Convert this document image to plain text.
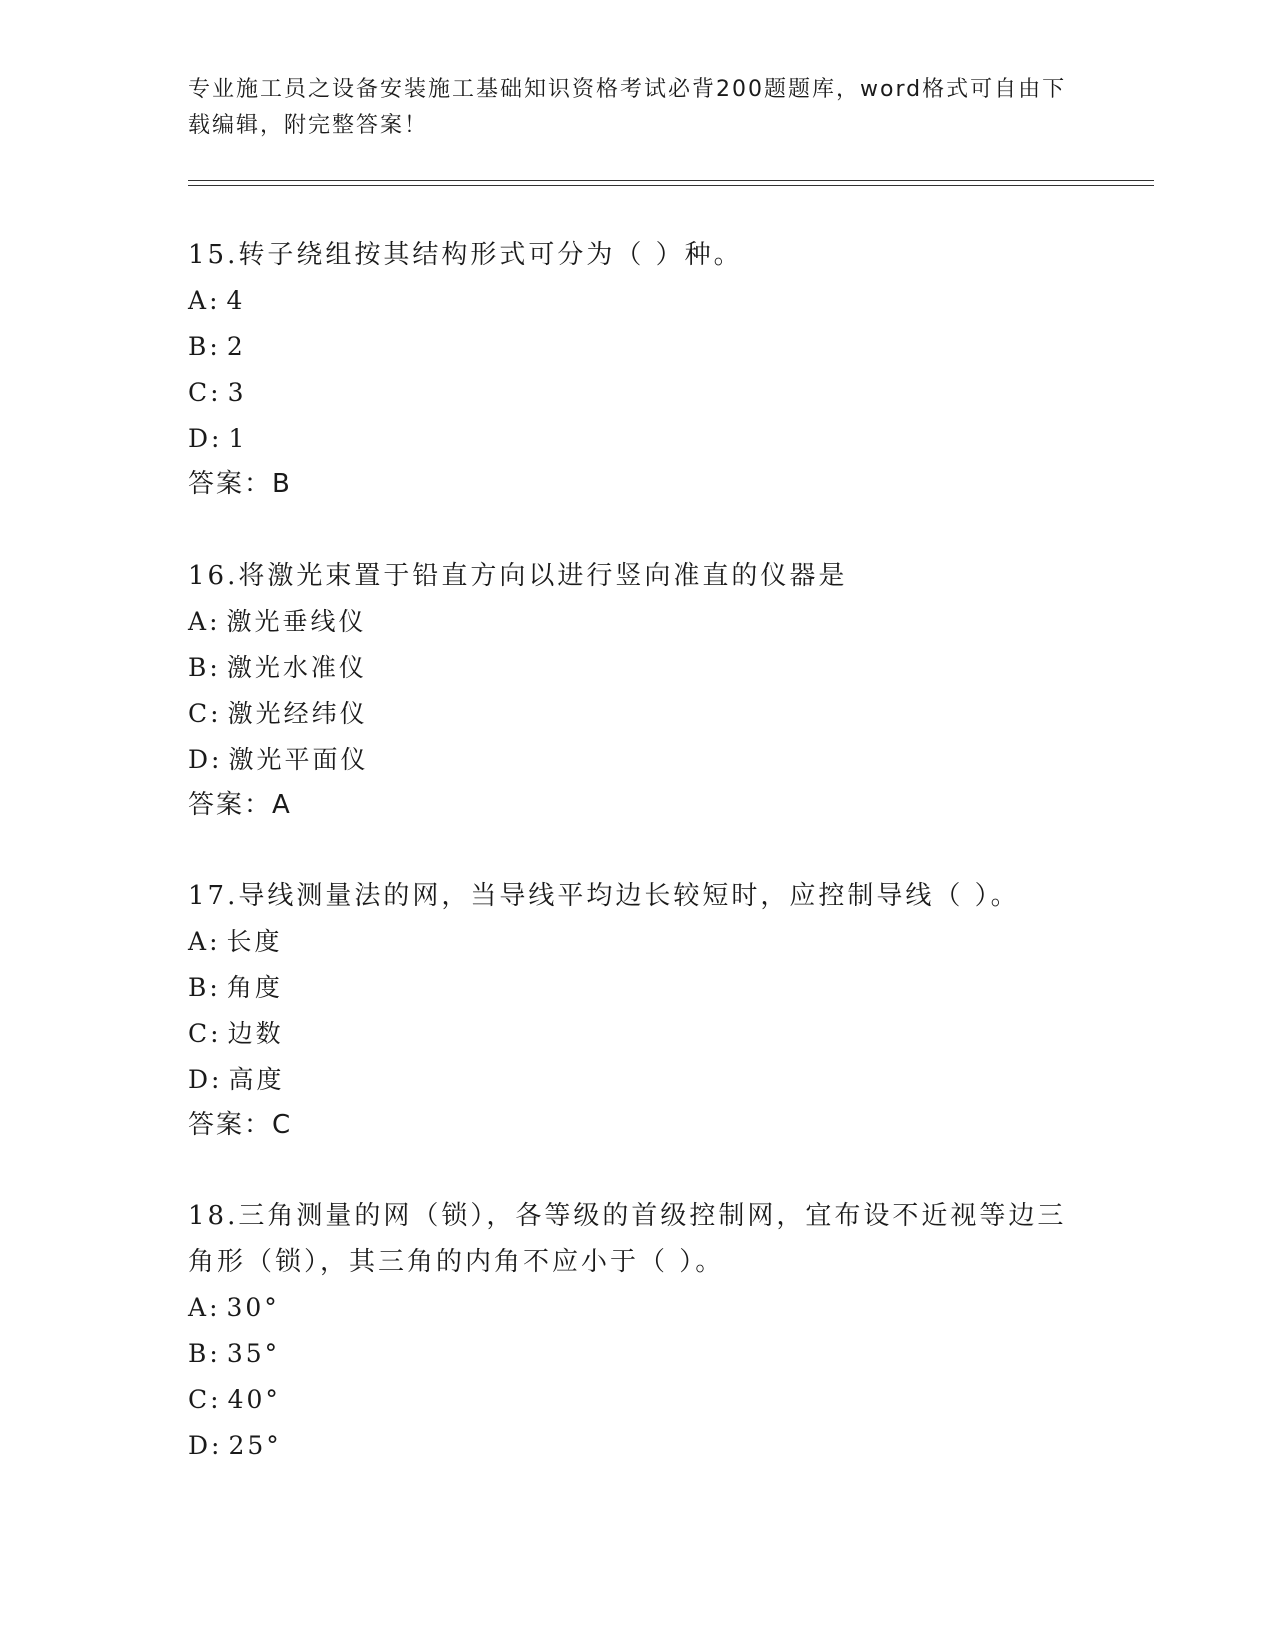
专业施工员之设备安装施工基础知识资格考试必背200题题库，word格式可自由下载编辑，附完整答案！

15.转子绕组按其结构形式可分为（ ）种。

A: 4
B: 2
C: 3
D: 1

答案：B

16.将激光束置于铅直方向以进行竖向准直的仪器是

A: 激光垂线仪
B: 激光水准仪
C: 激光经纬仪
D: 激光平面仪

答案：A

17.导线测量法的网，当导线平均边长较短时，应控制导线（ ）。

A: 长度
B: 角度
C: 边数
D: 高度

答案：C

18.三角测量的网（锁），各等级的首级控制网，宜布设不近视等边三角形（锁），其三角的内角不应小于（ ）。

A: 30°
B: 35°
C: 40°
D: 25°
